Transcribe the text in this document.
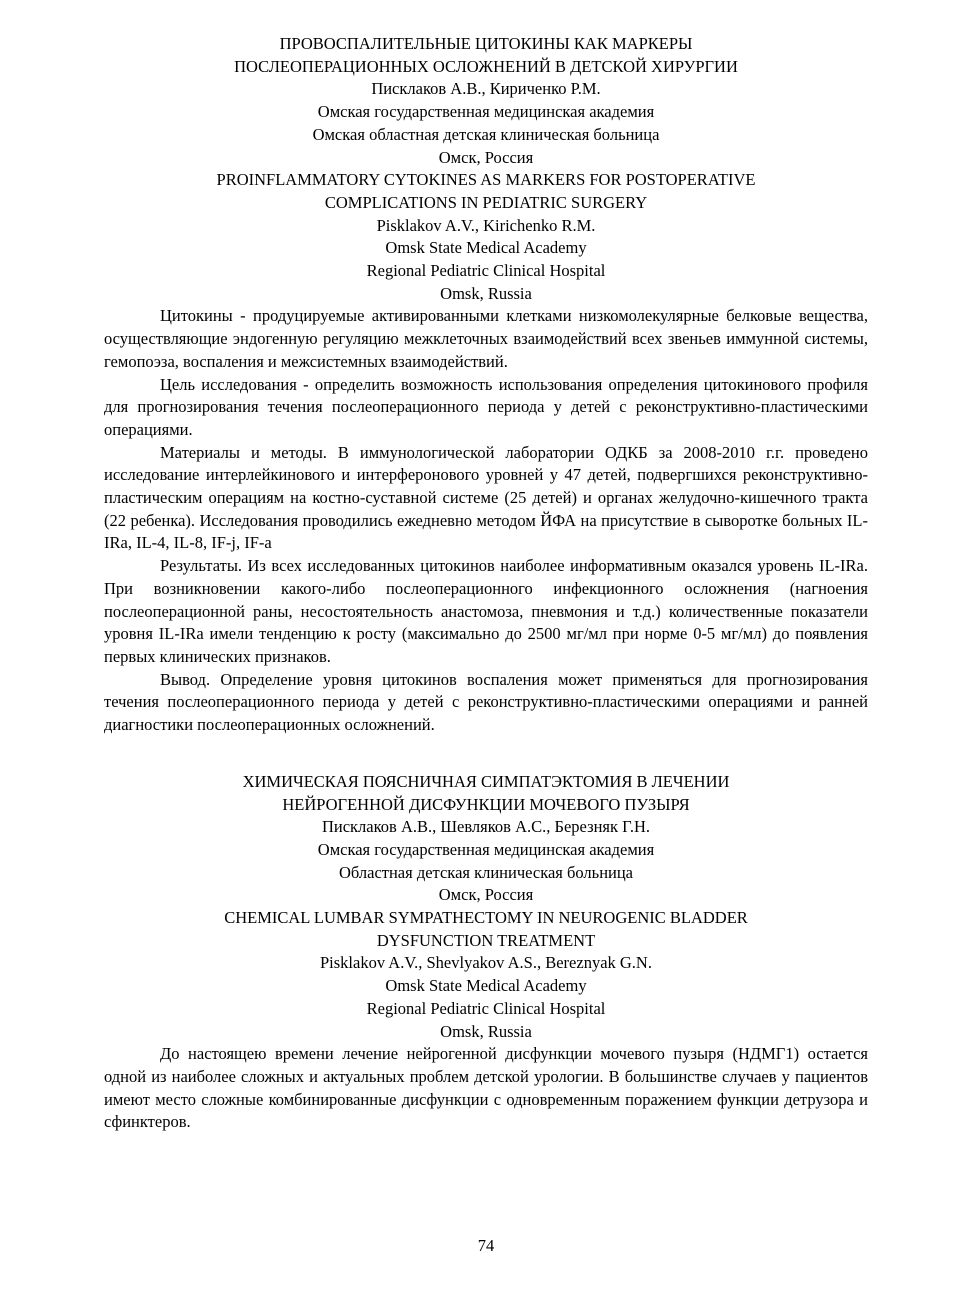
ПРОВОСПАЛИТЕЛЬНЫЕ ЦИТОКИНЫ КАК МАРКЕРЫ

ПОСЛЕОПЕРАЦИОННЫХ ОСЛОЖНЕНИЙ В ДЕТСКОЙ ХИРУРГИИ

Писклаков А.В., Кириченко Р.М.

Омская государственная медицинская академия

Омская областная детская клиническая больница

Омск, Россия

PROINFLAMMATORY CYTOKINES AS MARKERS FOR POSTOPERATIVE

COMPLICATIONS IN PEDIATRIC SURGERY

Pisklakov A.V., Kirichenko R.M.

Omsk State Medical Academy

Regional Pediatric Clinical Hospital

Omsk, Russia

Цитокины - продуцируемые активированными клетками низкомолекулярные белковые вещества, осуществляющие эндогенную регуляцию межклеточных взаимодействий всех звеньев иммунной системы, гемопоэза, воспаления и межсистемных взаимодействий.

Цель исследования - определить возможность использования определения цитокинового профиля для прогнозирования течения послеоперационного периода у детей с реконструктивно-пластическими операциями.

Материалы и методы. В иммунологической лаборатории ОДКБ за 2008-2010 г.г. проведено исследование интерлейкинового и интерферонового уровней у 47 детей, подвергшихся реконструктивно-пластическим операциям на костно-суставной системе (25 детей) и органах желудочно-кишечного тракта (22 ребенка). Исследования проводились ежедневно методом ЙФА на присутствие в сыворотке больных IL-IRa, IL-4, IL-8, IF-j, IF-a

Результаты. Из всех исследованных цитокинов наиболее информативным оказался уровень IL-IRa. При возникновении какого-либо послеоперационного инфекционного осложнения (нагноения послеоперационной раны, несостоятельность анастомоза, пневмония и т.д.) количественные показатели уровня IL-IRa имели тенденцию к росту (максимально до 2500 мг/мл при норме 0-5 мг/мл) до появления первых клинических признаков.

Вывод. Определение уровня цитокинов воспаления может применяться для прогнозирования течения послеоперационного периода у детей с реконструктивно-пластическими операциями и ранней диагностики послеоперационных осложнений.

ХИМИЧЕСКАЯ ПОЯСНИЧНАЯ СИМПАТЭКТОМИЯ В ЛЕЧЕНИИ

НЕЙРОГЕННОЙ ДИСФУНКЦИИ МОЧЕВОГО ПУЗЫРЯ

Писклаков А.В., Шевляков А.С., Березняк Г.Н.

Омская государственная медицинская академия

Областная детская клиническая больница

Омск, Россия

CHEMICAL LUMBAR SYMPATHECTOMY IN NEUROGENIC BLADDER

DYSFUNCTION TREATMENT

Pisklakov A.V., Shevlyakov A.S., Bereznyak G.N.

Omsk State Medical Academy

Regional Pediatric Clinical Hospital

Omsk, Russia

До настоящею времени лечение нейрогенной дисфункции мочевого пузыря (НДМГ1) остается одной из наиболее сложных и актуальных проблем детской урологии. В большинстве случаев у пациентов имеют место сложные комбинированные дисфункции с одновременным поражением функции детрузора и сфинктеров.

74
